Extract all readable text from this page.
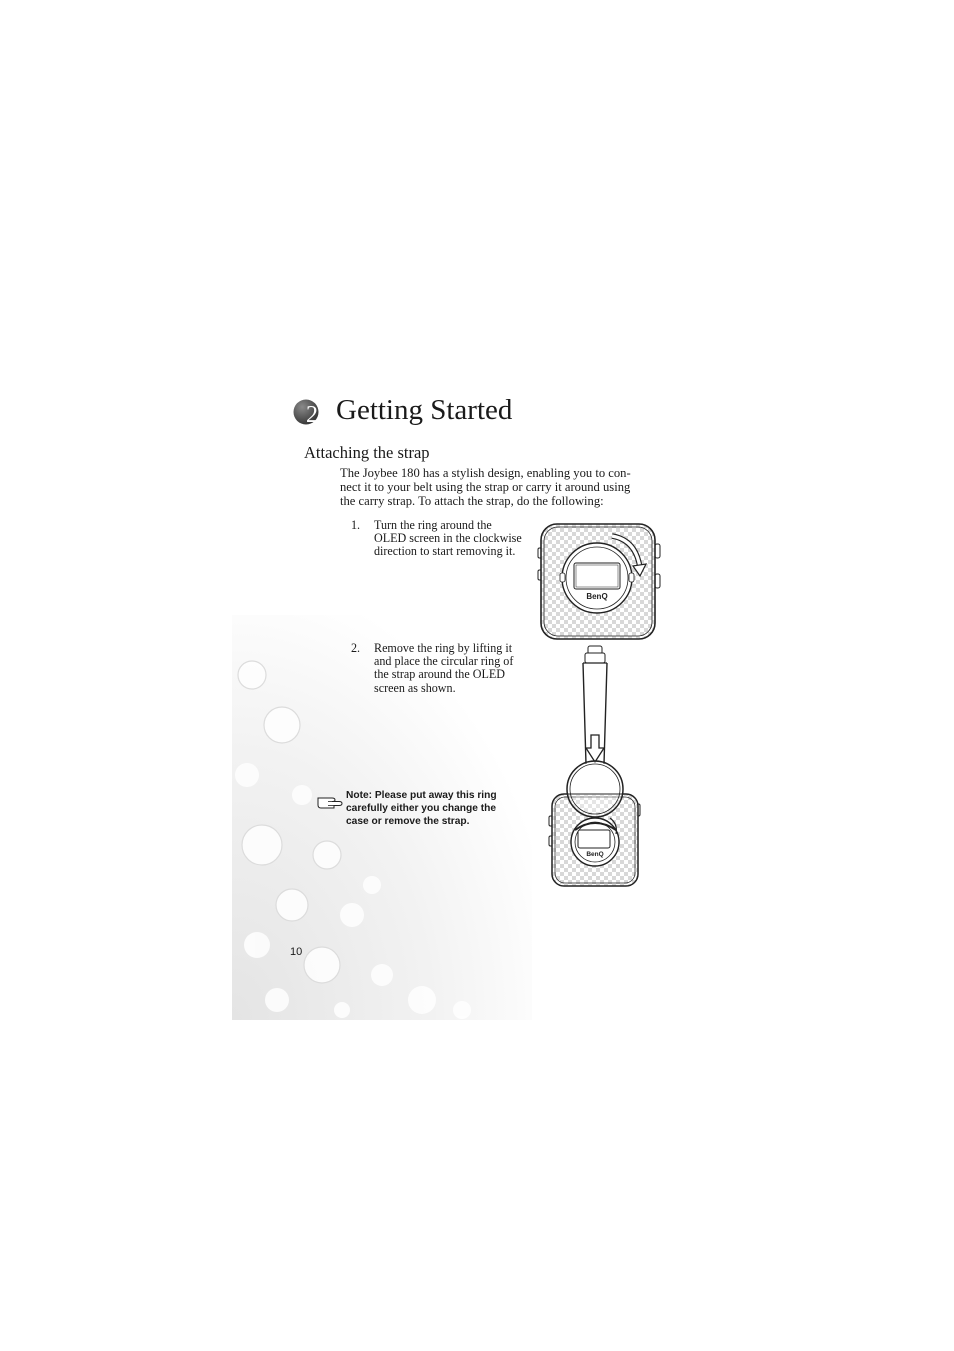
2 Getting Started
Attaching the strap

The Joybee 180 has a stylish design, enabling you to con-
nect it to your belt using the strap or carry it around using
the carry strap. To attach the strap, do the following:

1. Turn the ring around the
OLED screen in the clockwise
direction to start removing it.
2. Remove the ring by lifting it
and place the circular ring of
the strap around the OLED
screen as shown.
Note: Please put away this ring
carefully either you change the
case or remove the strap.
BenQ
BenQ
10
